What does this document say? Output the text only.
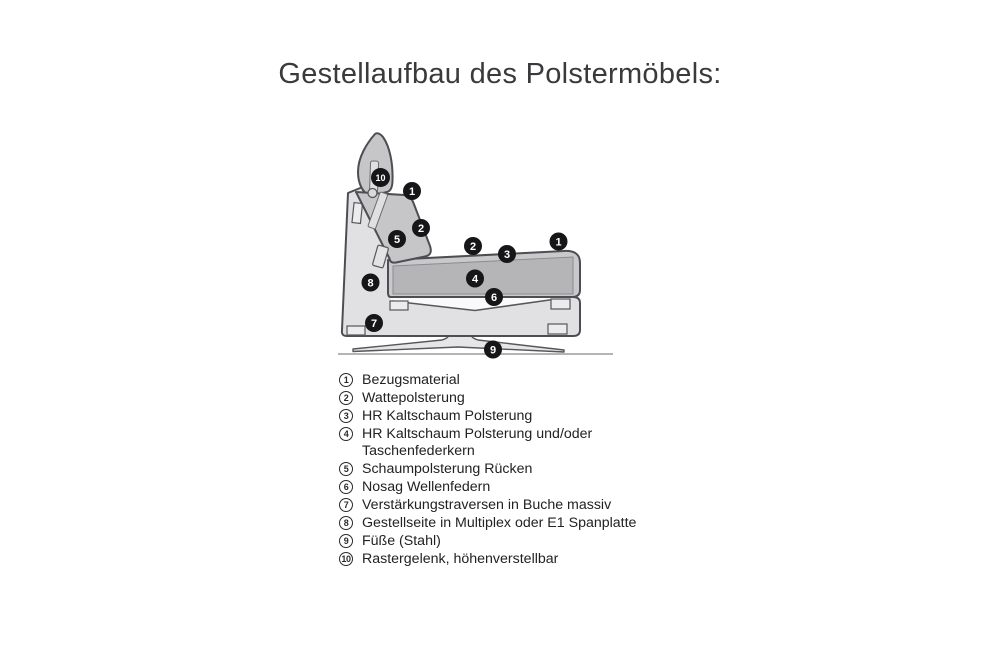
Gestellaufbau des Polstermöbels:
10
1
2
5
2
3
1
4
6
8
7
9
1 Bezugsmaterial
2 Wattepolsterung
3 HR Kaltschaum Polsterung
4 HR Kaltschaum Polsterung und/oder
Taschenfederkern
5 Schaumpolsterung Rücken
6 Nosag Wellenfedern
7 Verstärkungstraversen in Buche massiv
8 Gestellseite in Multiplex oder E1 Spanplatte
9 Füße (Stahl)
10 Rastergelenk, höhenverstellbar
